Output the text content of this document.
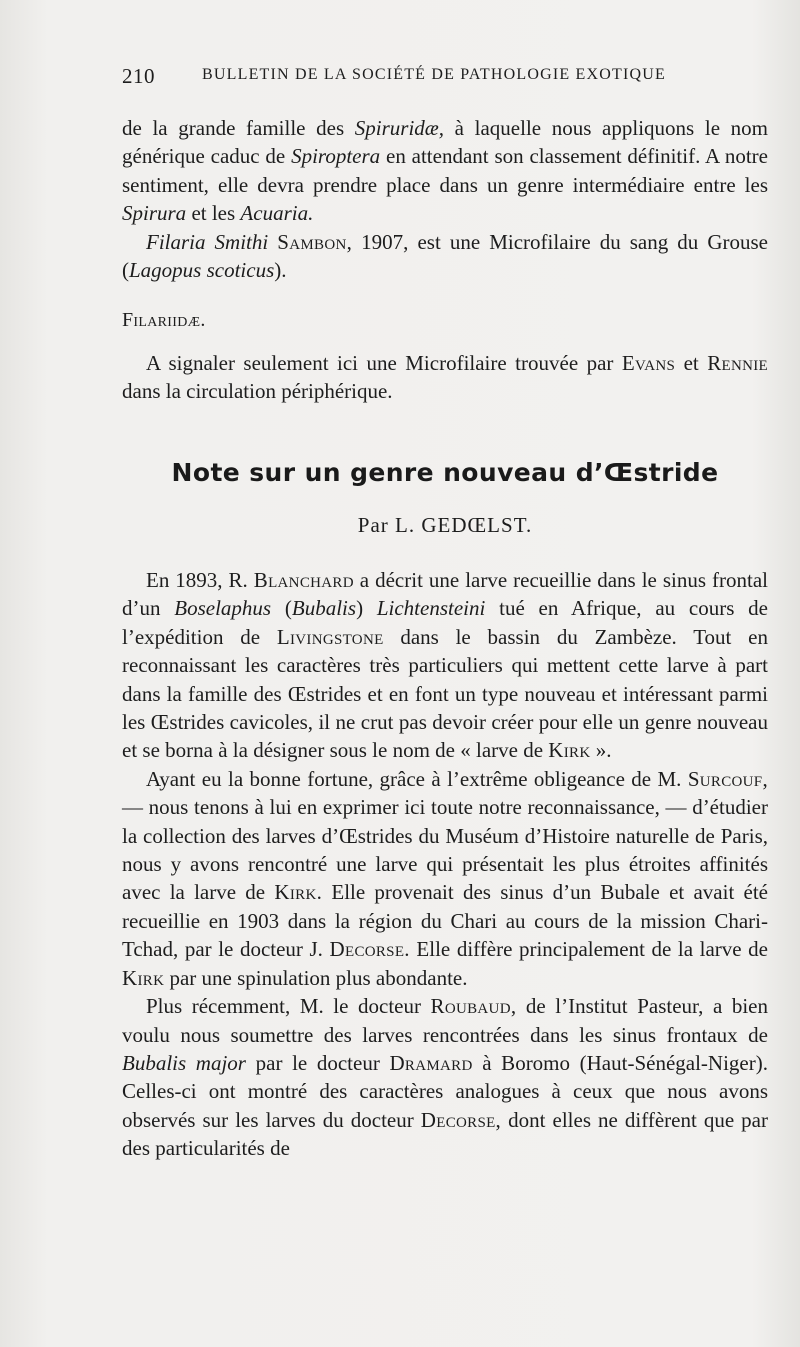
210	BULLETIN DE LA SOCIÉTÉ DE PATHOLOGIE EXOTIQUE

de la grande famille des Spiruridæ, à laquelle nous appliquons le nom générique caduc de Spiroptera en attendant son classement définitif. A notre sentiment, elle devra prendre place dans un genre intermédiaire entre les Spirura et les Acuaria.

Filaria Smithi Sambon, 1907, est une Microfilaire du sang du Grouse (Lagopus scoticus).

Filariidæ.

A signaler seulement ici une Microfilaire trouvée par Evans et Rennie dans la circulation périphérique.

Note sur un genre nouveau d’Œstride
Par L. GEDŒLST.

En 1893, R. Blanchard a décrit une larve recueillie dans le sinus frontal d’un Boselaphus (Bubalis) Lichtensteini tué en Afrique, au cours de l’expédition de Livingstone dans le bassin du Zambèze. Tout en reconnaissant les caractères très particuliers qui mettent cette larve à part dans la famille des Œstrides et en font un type nouveau et intéressant parmi les Œstrides cavicoles, il ne crut pas devoir créer pour elle un genre nouveau et se borna à la désigner sous le nom de « larve de Kirk ».

Ayant eu la bonne fortune, grâce à l’extrême obligeance de M. Surcouf, — nous tenons à lui en exprimer ici toute notre reconnaissance, — d’étudier la collection des larves d’Œstrides du Muséum d’Histoire naturelle de Paris, nous y avons rencontré une larve qui présentait les plus étroites affinités avec la larve de Kirk. Elle provenait des sinus d’un Bubale et avait été recueillie en 1903 dans la région du Chari au cours de la mission Chari-Tchad, par le docteur J. Decorse. Elle diffère principalement de la larve de Kirk par une spinulation plus abondante.

Plus récemment, M. le docteur Roubaud, de l’Institut Pasteur, a bien voulu nous soumettre des larves rencontrées dans les sinus frontaux de Bubalis major par le docteur Dramard à Boromo (Haut-Sénégal-Niger). Celles-ci ont montré des caractères analogues à ceux que nous avons observés sur les larves du docteur Decorse, dont elles ne diffèrent que par des particularités de
